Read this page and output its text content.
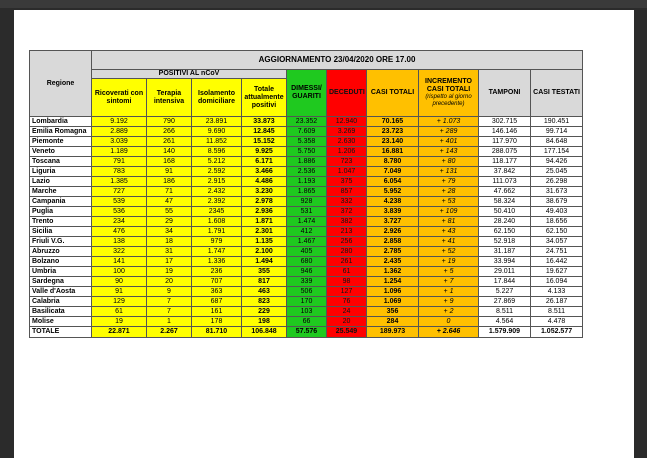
Regione	AGGIORNAMENTO 23/04/2020 ORE 17.00									
	POSITIVI AL nCoV				DIMESSI/ GUARITI	DECEDUTI	CASI TOTALI	INCREMENTO CASI TOTALI
(rispetto al giorno precedente)	TAMPONI	CASI TESTATI
	Ricoverati con sintomi	Terapia intensiva	Isolamento domiciliare	Totale attualmente positivi						
Lombardia	9.192	790	23.891	33.873	23.352	12.940	70.165	+ 1.073	302.715	190.451
Emilia Romagna	2.889	266	9.690	12.845	7.609	3.269	23.723	+ 289	146.146	99.714
Piemonte	3.039	261	11.852	15.152	5.358	2.630	23.140	+ 401	117.970	84.648
Veneto	1.189	140	8.596	9.925	5.750	1.206	16.881	+ 143	288.075	177.154
Toscana	791	168	5.212	6.171	1.886	723	8.780	+ 80	118.177	94.426
Liguria	783	91	2.592	3.466	2.536	1.047	7.049	+ 131	37.842	25.045
Lazio	1.385	186	2.915	4.486	1.193	375	6.054	+ 79	111.073	26.298
Marche	727	71	2.432	3.230	1.865	857	5.952	+ 28	47.662	31.673
Campania	539	47	2.392	2.978	928	332	4.238	+ 53	58.324	38.679
Puglia	536	55	2345	2.936	531	372	3.839	+ 109	50.410	49.403
Trento	234	29	1.608	1.871	1.474	382	3.727	+ 81	28.240	18.656
Sicilia	476	34	1.791	2.301	412	213	2.926	+ 43	62.150	62.150
Friuli V.G.	138	18	979	1.135	1.467	256	2.858	+ 41	52.918	34.057
Abruzzo	322	31	1.747	2.100	405	280	2.785	+ 52	31.187	24.751
Bolzano	141	17	1.336	1.494	680	261	2.435	+ 19	33.994	16.442
Umbria	100	19	236	355	946	61	1.362	+ 5	29.011	19.627
Sardegna	90	20	707	817	339	98	1.254	+ 7	17.844	16.094
Valle d'Aosta	91	9	363	463	506	127	1.096	+ 1	5.227	4.133
Calabria	129	7	687	823	170	76	1.069	+ 9	27.869	26.187
Basilicata	61	7	161	229	103	24	356	+ 2	8.511	8.511
Molise	19	1	178	198	66	20	284	0	4.564	4.478
TOTALE	22.871	2.267	81.710	106.848	57.576	25.549	189.973	+ 2.646	1.579.909	1.052.577
